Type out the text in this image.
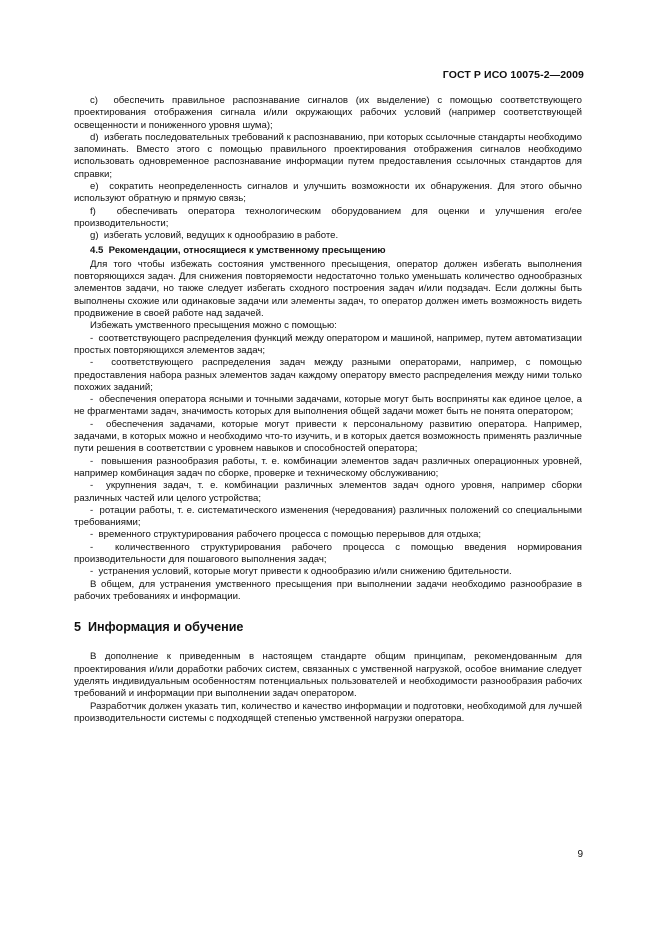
ГОСТ Р ИСО 10075-2—2009

c)  обеспечить правильное распознавание сигналов (их выделение) с помощью соответствующего проектирования отображения сигнала и/или окружающих рабочих условий (например соответствующей освещенности и пониженного уровня шума);

d)  избегать последовательных требований к распознаванию, при которых ссылочные стандарты необходимо запоминать. Вместо этого с помощью правильного проектирования отображения сигналов необходимо использовать одновременное распознавание информации путем предоставления ссылочных стандартов для справки;

e)  сократить неопределенность сигналов и улучшить возможности их обнаружения. Для этого обычно используют обратную и прямую связь;

f)  обеспечивать оператора технологическим оборудованием для оценки и улучшения его/ее производительности;

g)  избегать условий, ведущих к однообразию в работе.

4.5  Рекомендации, относящиеся к умственному пресыщению

Для того чтобы избежать состояния умственного пресыщения, оператор должен избегать выполнения повторяющихся задач. Для снижения повторяемости недостаточно только уменьшать количество однообразных элементов задачи, но также следует избегать сходного построения задач и/или подзадач. Если должны быть выполнены схожие или одинаковые задачи или элементы задач, то оператор должен иметь возможность видеть продвижение в своей работе над задачей.

Избежать умственного пресыщения можно с помощью:

-  соответствующего распределения функций между оператором и машиной, например, путем автоматизации простых повторяющихся элементов задач;

-  соответствующего распределения задач между разными операторами, например, с помощью предоставления набора разных элементов задач каждому оператору вместо распределения между ними только похожих заданий;

-  обеспечения оператора ясными и точными задачами, которые могут быть восприняты как единое целое, а не фрагментами задач, значимость которых для выполнения общей задачи может быть не понята оператором;

-  обеспечения задачами, которые могут привести к персональному развитию оператора. Например, задачами, в которых можно и необходимо что-то изучить, и в которых дается возможность применять различные пути решения в соответствии с уровнем навыков и способностей оператора;

-  повышения разнообразия работы, т. е. комбинации элементов задач различных операционных уровней, например комбинация задач по сборке, проверке и техническому обслуживанию;

-  укрупнения задач, т. е. комбинации различных элементов задач одного уровня, например сборки различных частей или целого устройства;

-  ротации работы, т. е. систематического изменения (чередования) различных положений со специальными требованиями;

-  временного структурирования рабочего процесса с помощью перерывов для отдыха;

-  количественного структурирования рабочего процесса с помощью введения нормирования производительности для пошагового выполнения задач;

-  устранения условий, которые могут привести к однообразию и/или снижению бдительности.

В общем, для устранения умственного пресыщения при выполнении задачи необходимо разнообразие в рабочих требованиях и информации.

5  Информация и обучение

В дополнение к приведенным в настоящем стандарте общим принципам, рекомендованным для проектирования и/или доработки рабочих систем, связанных с умственной нагрузкой, особое внимание следует уделять индивидуальным особенностям потенциальных пользователей и необходимости разнообразия рабочих требований и информации при выполнении задач оператором.

Разработчик должен указать тип, количество и качество информации и подготовки, необходимой для лучшей производительности системы с подходящей степенью умственной нагрузки оператора.

9
